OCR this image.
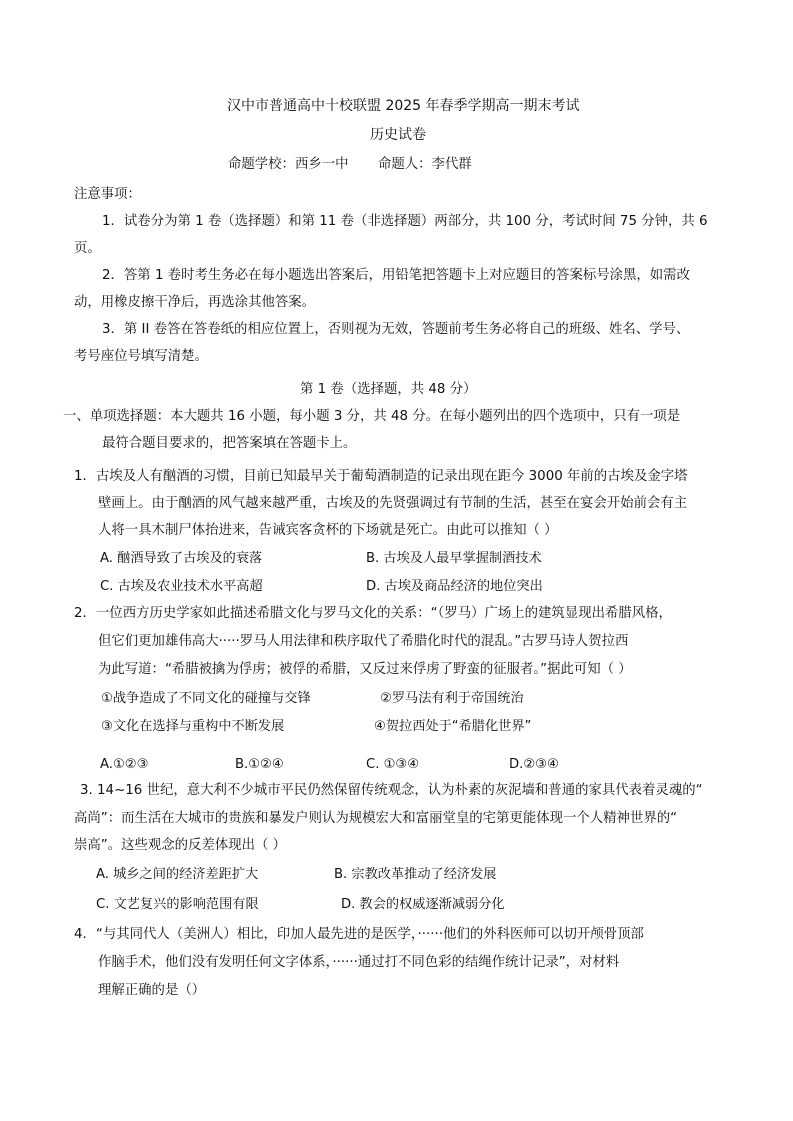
汉中市普通高中十校联盟 2025 年春季学期高一期末考试
历史试卷
命题学校：西乡一中 命题人：李代群
注意事项：
1．试卷分为第 1 卷（选择题）和第 11 卷（非选择题）两部分，共 100 分，考试时间 75 分钟，共 6
页。
2．答第 1 卷时考生务必在每小题选出答案后，用铅笔把答题卡上对应题目的答案标号涂黑，如需改
动，用橡皮擦干净后，再选涂其他答案。
3．第 II 卷答在答卷纸的相应位置上，否则视为无效，答题前考生务必将自己的班级、姓名、学号、
考号座位号填写清楚。
第 1 卷（选择题，共 48 分）
一、单项选择题：本大题共 16 小题，每小题 3 分，共 48 分。在每小题列出的四个选项中，只有一项是
最符合题目要求的，把答案填在答题卡上。
1．古埃及人有酗酒的习惯，目前已知最早关于葡萄酒制造的记录出现在距今 3000 年前的古埃及金字塔
壁画上。由于酗酒的风气越来越严重，古埃及的先贤强调过有节制的生活，甚至在宴会开始前会有主
人将一具木制尸体抬进来，告诫宾客贪杯的下场就是死亡。由此可以推知（ ）
A. 酗酒导致了古埃及的衰落	B. 古埃及人最早掌握制酒技术
C. 古埃及农业技术水平高超	D. 古埃及商品经济的地位突出
2．一位西方历史学家如此描述希腊文化与罗马文化的关系：“（罗马）广场上的建筑显现出希腊风格，
但它们更加雄伟高大·····罗马人用法律和秩序取代了希腊化时代的混乱。”古罗马诗人贺拉西
为此写道：“希腊被擒为俘虏；被俘的希腊，又反过来俘虏了野蛮的征服者。”据此可知（ ）
①战争造成了不同文化的碰撞与交锋	②罗马法有利于帝国统治
③文化在选择与重构中不断发展	④贺拉西处于“希腊化世界”
A.①②③	B.①②④	C. ①③④	D.②③④
3. 14~16 世纪，意大利不少城市平民仍然保留传统观念，认为朴素的灰泥墙和普通的家具代表着灵魂的“
高尚”：而生活在大城市的贵族和暴发户则认为规模宏大和富丽堂皇的宅第更能体现一个人精神世界的“
崇高”。这些观念的反差体现出（ ）
A. 城乡之间的经济差距扩大	B. 宗教改革推动了经济发展
C. 文艺复兴的影响范围有限	D. 教会的权威逐渐减弱分化
4．“与其同代人（美洲人）相比，印加人最先进的是医学，······他们的外科医师可以切开颅骨顶部
作脑手术，他们没有发明任何文字体系，······通过打不同色彩的结绳作统计记录”，对材料
理解正确的是（）
